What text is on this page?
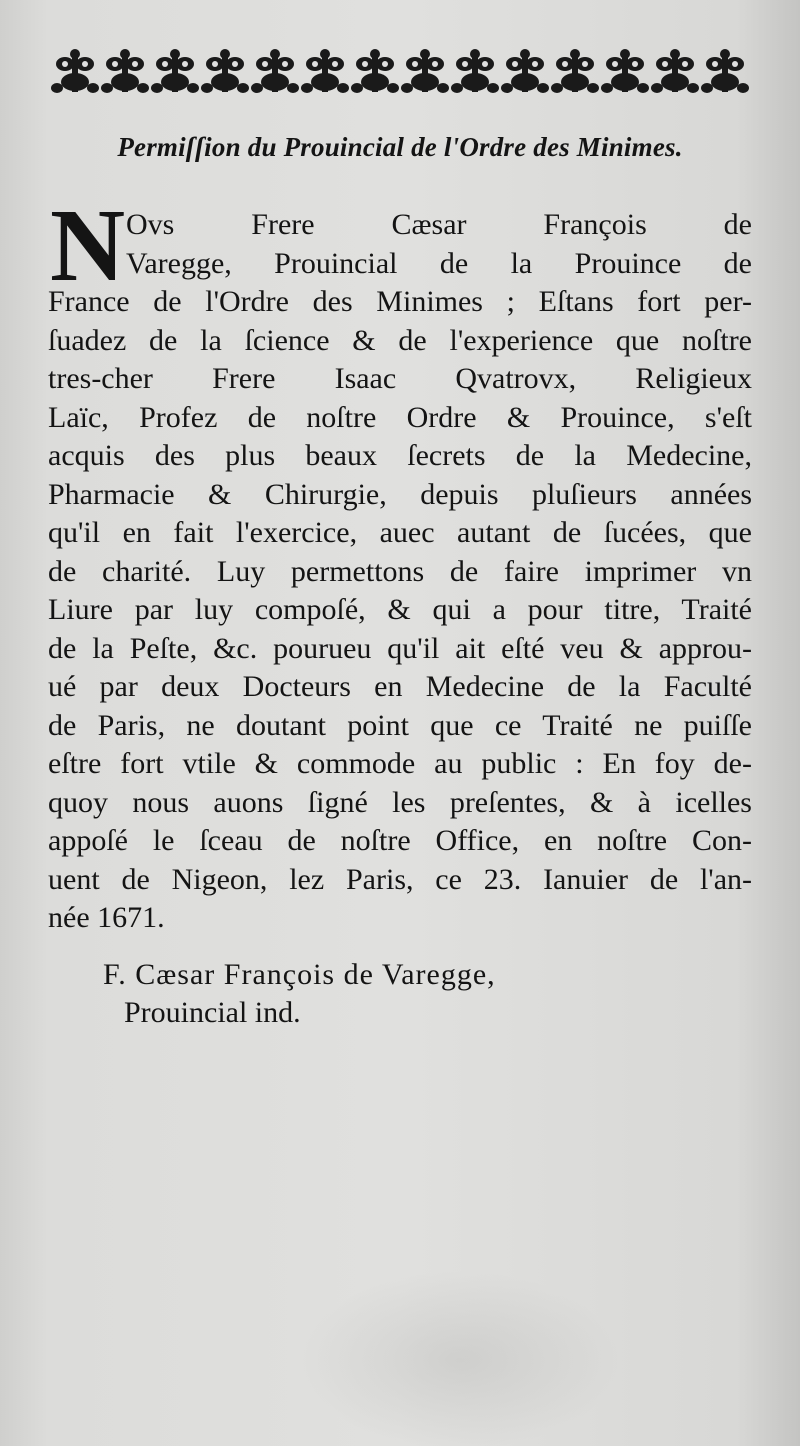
Permiſſion du Prouincial de l'Ordre des Minimes.
N Ovs Frere Cæsar François de
Varegge, Prouincial de la Prouince de
France de l'Ordre des Minimes ; Eſtans fort per-
ſuadez de la ſcience & de l'experience que noſtre
tres-cher Frere Isaac Qvatrovx, Religieux
Laïc, Profez de noſtre Ordre & Prouince, s'eſt
acquis des plus beaux ſecrets de la Medecine,
Pharmacie & Chirurgie, depuis pluſieurs années
qu'il en fait l'exercice, auec autant de ſucées, que
de charité. Luy permettons de faire imprimer vn
Liure par luy compoſé, & qui a pour titre, Traité
de la Peſte, &c. pourueu qu'il ait eſté veu & approu-
ué par deux Docteurs en Medecine de la Faculté
de Paris, ne doutant point que ce Traité ne puiſſe
eſtre fort vtile & commode au public : En foy de-
quoy nous auons ſigné les preſentes, & à icelles
appoſé le ſceau de noſtre Office, en noſtre Con-
uent de Nigeon, lez Paris, ce 23. Ianuier de l'an-
née 1671.
F. Cæsar François de Varegge,
Prouincial ind.
